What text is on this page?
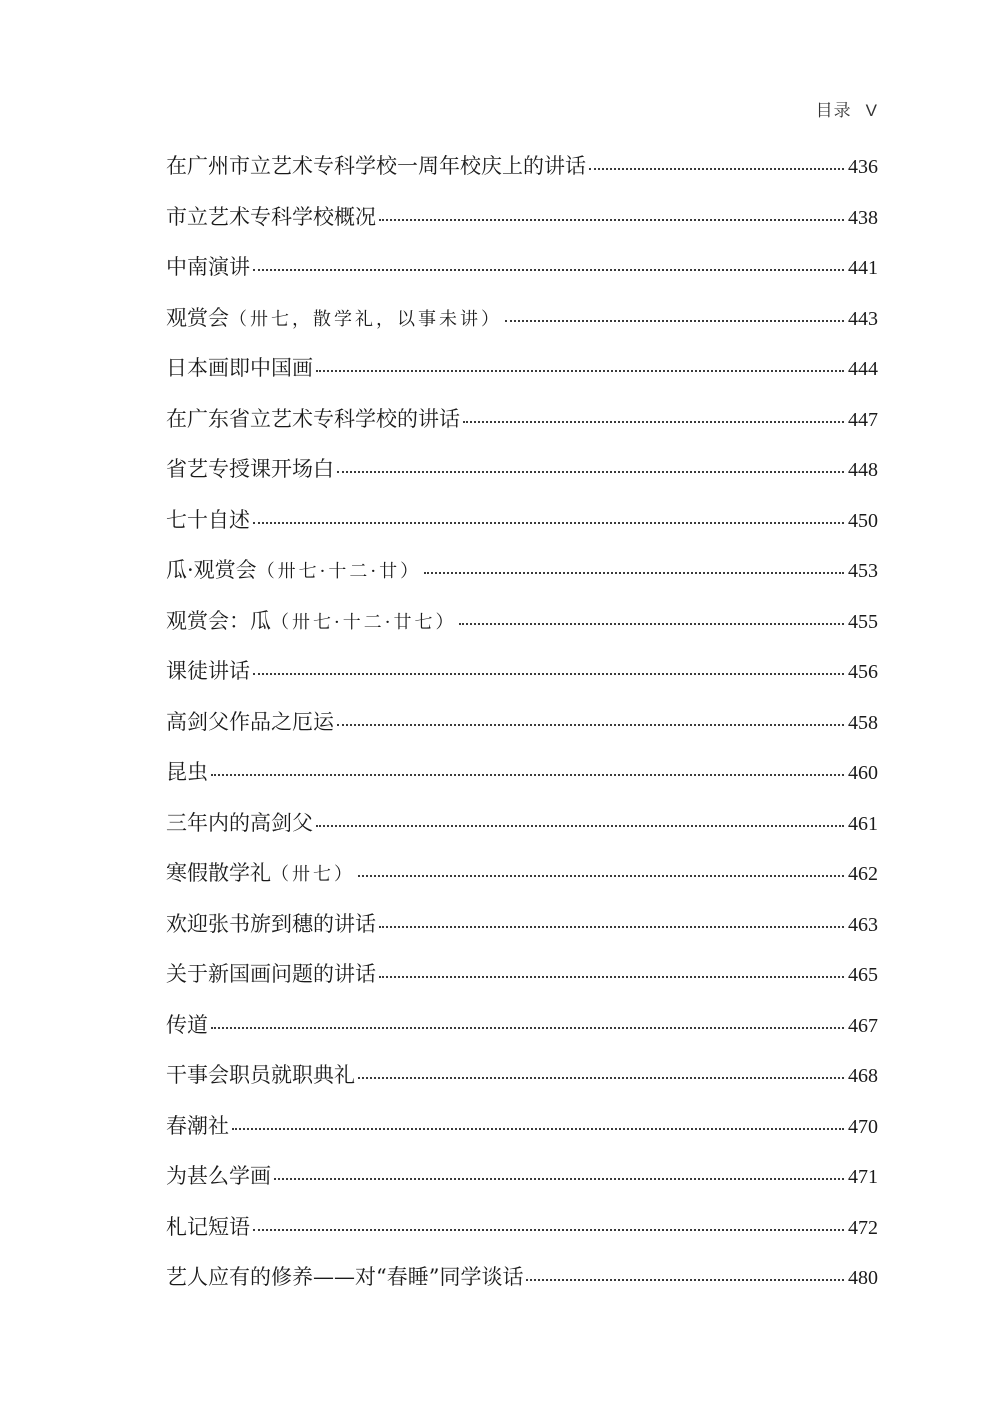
目录 V
在广州市立艺术专科学校一周年校庆上的讲话	436
市立艺术专科学校概况	438
中南演讲	441
观赏会 （卅七，散学礼，以事未讲）	443
日本画即中国画	444
在广东省立艺术专科学校的讲话	447
省艺专授课开场白	448
七十自述	450
瓜·观赏会 （卅七·十二·廿）	453
观赏会：瓜 （卅七·十二·廿七）	455
课徒讲话	456
高剑父作品之厄运	458
昆虫	460
三年内的高剑父	461
寒假散学礼 （卅七）	462
欢迎张书旂到穗的讲话	463
关于新国画问题的讲话	465
传道	467
干事会职员就职典礼	468
春潮社	470
为甚么学画	471
札记短语	472
艺人应有的修养——对“春睡”同学谈话	480
